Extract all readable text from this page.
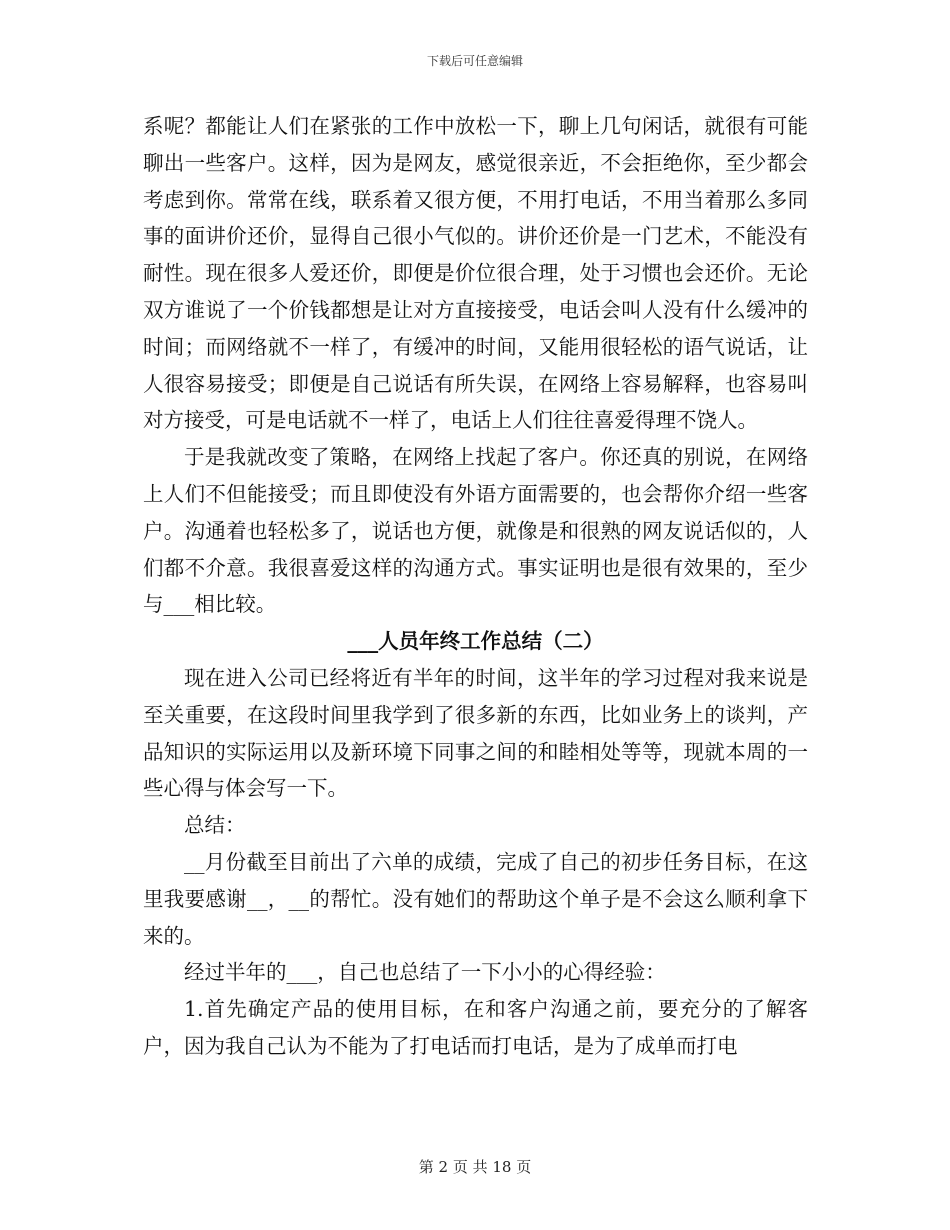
下载后可任意编辑

系呢？都能让人们在紧张的工作中放松一下，聊上几句闲话，就很有可能聊出一些客户。这样，因为是网友，感觉很亲近，不会拒绝你，至少都会考虑到你。常常在线，联系着又很方便，不用打电话，不用当着那么多同事的面讲价还价，显得自己很小气似的。讲价还价是一门艺术，不能没有耐性。现在很多人爱还价，即便是价位很合理，处于习惯也会还价。无论双方谁说了一个价钱都想是让对方直接接受，电话会叫人没有什么缓冲的时间；而网络就不一样了，有缓冲的时间，又能用很轻松的语气说话，让人很容易接受；即便是自己说话有所失误，在网络上容易解释，也容易叫对方接受，可是电话就不一样了，电话上人们往往喜爱得理不饶人。

于是我就改变了策略，在网络上找起了客户。你还真的别说，在网络上人们不但能接受；而且即使没有外语方面需要的，也会帮你介绍一些客户。沟通着也轻松多了，说话也方便，就像是和很熟的网友说话似的，人们都不介意。我很喜爱这样的沟通方式。事实证明也是很有效果的，至少与___相比较。

___人员年终工作总结（二）

现在进入公司已经将近有半年的时间，这半年的学习过程对我来说是至关重要，在这段时间里我学到了很多新的东西，比如业务上的谈判，产品知识的实际运用以及新环境下同事之间的和睦相处等等，现就本周的一些心得与体会写一下。

总结：

__月份截至目前出了六单的成绩，完成了自己的初步任务目标，在这里我要感谢__，__的帮忙。没有她们的帮助这个单子是不会这么顺利拿下来的。

经过半年的___，自己也总结了一下小小的心得经验：

1.首先确定产品的使用目标，在和客户沟通之前，要充分的了解客户，因为我自己认为不能为了打电话而打电话，是为了成单而打电

第 2 页 共 18 页
